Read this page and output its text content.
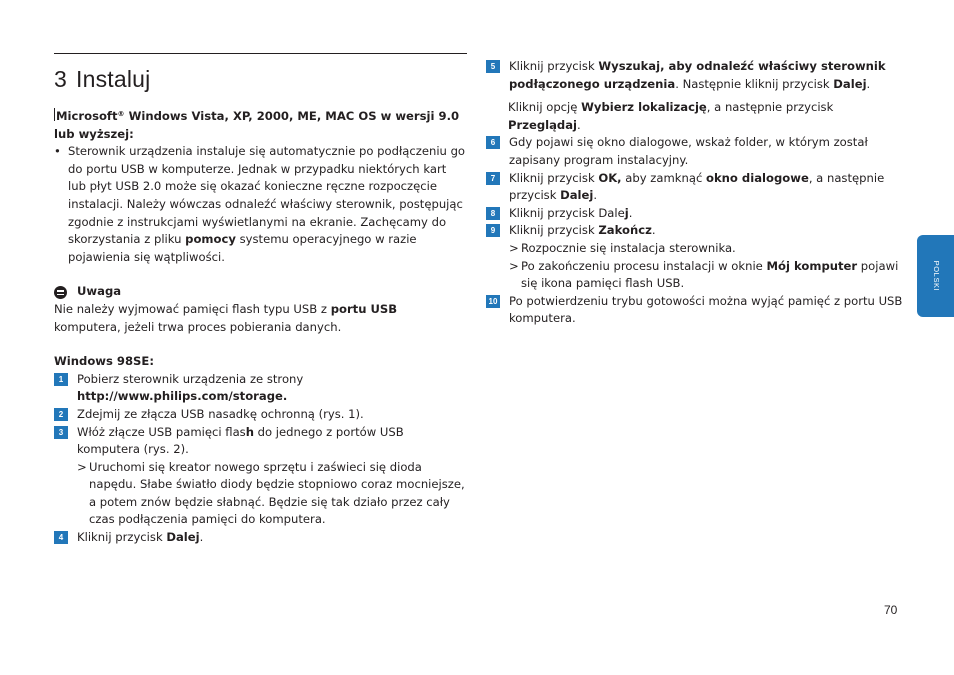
3 Instaluj
Microsoft® Windows Vista, XP, 2000, ME, MAC OS w wersji 9.0 lub wyższej:
• Sterownik urządzenia instaluje się automatycznie po podłączeniu go do portu USB w komputerze. Jednak w przypadku niektórych kart lub płyt USB 2.0 może się okazać konieczne ręczne rozpoczęcie instalacji. Należy wówczas odnaleźć właściwy sterownik, postępując zgodnie z instrukcjami wyświetlanymi na ekranie. Zachęcamy do skorzystania z pliku pomocy systemu operacyjnego w razie pojawienia się wątpliwości.
Uwaga
Nie należy wyjmować pamięci flash typu USB z portu USB komputera, jeżeli trwa proces pobierania danych.
Windows 98SE:
1	Pobierz sterownik urządzenia ze strony http://www.philips.com/storage.
2	Zdejmij ze złącza USB nasadkę ochronną (rys. 1).
3	Włóż złącze USB pamięci flash do jednego z portów USB komputera (rys. 2).
> Uruchomi się kreator nowego sprzętu i zaświeci się dioda napędu. Słabe światło diody będzie stopniowo coraz mocniejsze, a potem znów będzie słabnąć. Będzie się tak działo przez cały czas podłączenia pamięci do komputera.
4	Kliknij przycisk Dalej.
5	Kliknij przycisk Wyszukaj, aby odnaleźć właściwy sterownik podłączonego urządzenia. Następnie kliknij przycisk Dalej.
Kliknij opcję Wybierz lokalizację, a następnie przycisk Przeglądaj.
6	Gdy pojawi się okno dialogowe, wskaż folder, w którym został zapisany program instalacyjny.
7	Kliknij przycisk OK, aby zamknąć okno dialogowe, a następnie przycisk Dalej.
8	Kliknij przycisk Dalej.
9	Kliknij przycisk Zakończ.
> Rozpocznie się instalacja sterownika.
> Po zakończeniu procesu instalacji w oknie Mój komputer pojawi się ikona pamięci flash USB.
10 Po potwierdzeniu trybu gotowości można wyjąć pamięć z portu USB komputera.
POLSKI
70
